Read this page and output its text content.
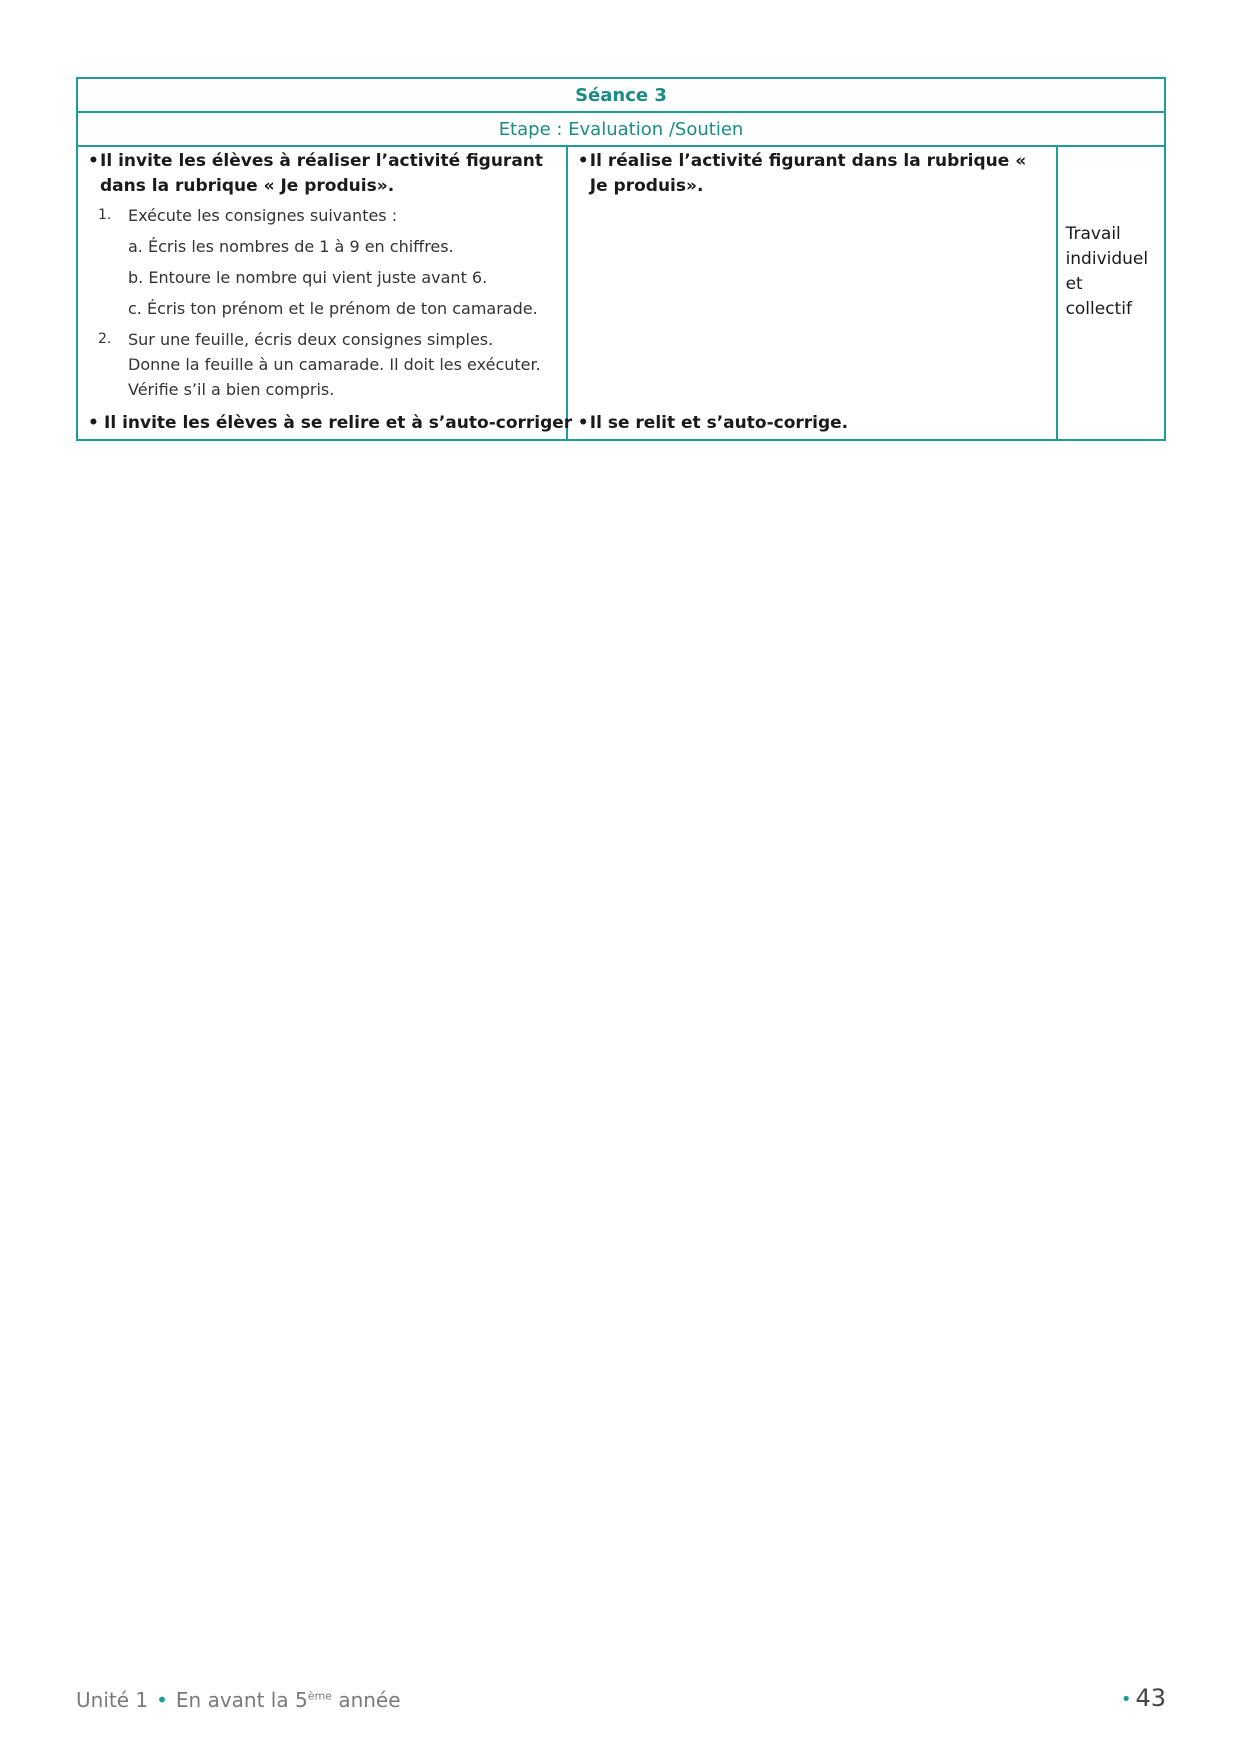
Séance 3
Etape : Evaluation /Soutien

• Il invite les élèves à réaliser l’activité figurant dans la rubrique « Je produis».
1. Exécute les consignes suivantes :
a. Écris les nombres de 1 à 9 en chiffres.
b. Entoure le nombre qui vient juste avant 6.
c. Écris ton prénom et le prénom de ton camarade.
2. Sur une feuille, écris deux consignes simples.
Donne la feuille à un camarade. Il doit les exécuter.
Vérifie s’il a bien compris.
• Il invite les élèves à se relire et à s’auto-corriger

• Il réalise l’activité figurant dans la rubrique « Je produis».
• Il se relit et s’auto-corrige.

Travail
individuel
et
collectif
Unité 1 • En avant la 5ème année	• 43
